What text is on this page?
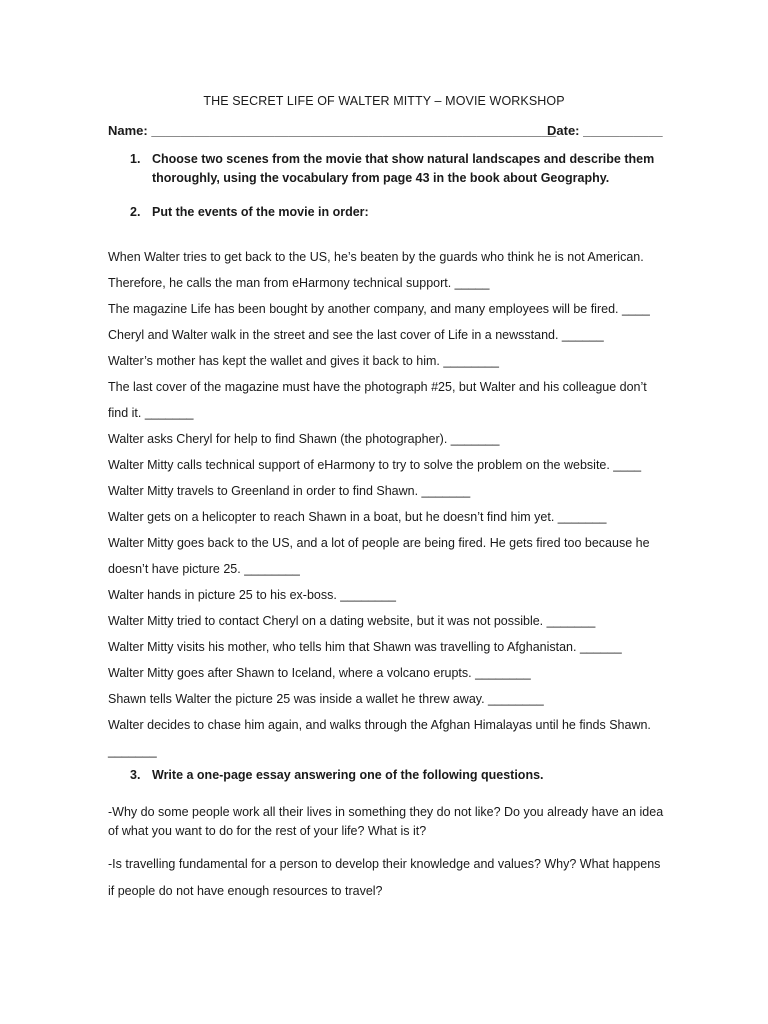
THE SECRET LIFE OF WALTER MITTY – MOVIE WORKSHOP
Name: ________________________________________________________
Date: ___________
1. Choose two scenes from the movie that show natural landscapes and describe them thoroughly, using the vocabulary from page 43 in the book about Geography.
2. Put the events of the movie in order:
When Walter tries to get back to the US, he’s beaten by the guards who think he is not American.
Therefore, he calls the man from eHarmony technical support. _____
The magazine Life has been bought by another company, and many employees will be fired. ____
Cheryl and Walter walk in the street and see the last cover of Life in a newsstand. ______
Walter’s mother has kept the wallet and gives it back to him. ________
The last cover of the magazine must have the photograph #25, but Walter and his colleague don’t
find it. _______
Walter asks Cheryl for help to find Shawn (the photographer). _______
Walter Mitty calls technical support of eHarmony to try to solve the problem on the website. ____
Walter Mitty travels to Greenland in order to find Shawn. _______
Walter gets on a helicopter to reach Shawn in a boat, but he doesn’t find him yet. _______
Walter Mitty goes back to the US, and a lot of people are being fired. He gets fired too because he
doesn’t have picture 25. ________
Walter hands in picture 25 to his ex-boss. ________
Walter Mitty tried to contact Cheryl on a dating website, but it was not possible. _______
Walter Mitty visits his mother, who tells him that Shawn was travelling to Afghanistan. ______
Walter Mitty goes after Shawn to Iceland, where a volcano erupts. ________
Shawn tells Walter the picture 25 was inside a wallet he threw away. ________
Walter decides to chase him again, and walks through the Afghan Himalayas until he finds Shawn.
_______
3. Write a one-page essay answering one of the following questions.
-Why do some people work all their lives in something they do not like? Do you already have an idea of what you want to do for the rest of your life? What is it?
-Is travelling fundamental for a person to develop their knowledge and values? Why? What happens if people do not have enough resources to travel?
